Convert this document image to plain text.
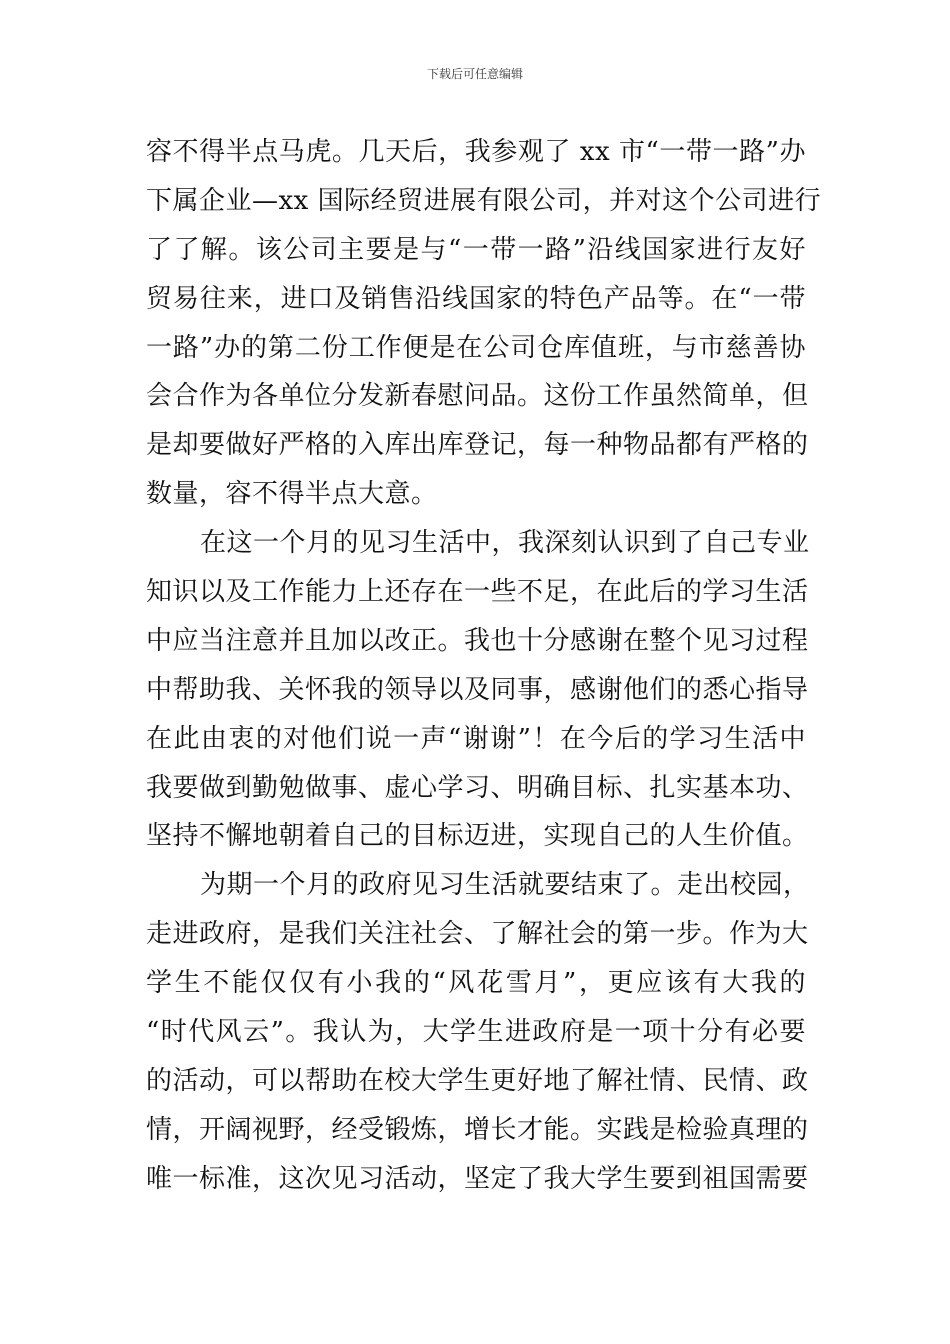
下载后可任意编辑
容不得半点马虎。几天后，我参观了 xx 市“一带一路”办
下属企业—xx 国际经贸进展有限公司，并对这个公司进行
了了解。该公司主要是与“一带一路”沿线国家进行友好
贸易往来，进口及销售沿线国家的特色产品等。在“一带
一路”办的第二份工作便是在公司仓库值班，与市慈善协
会合作为各单位分发新春慰问品。这份工作虽然简单，但
是却要做好严格的入库出库登记，每一种物品都有严格的
数量，容不得半点大意。
在这一个月的见习生活中，我深刻认识到了自己专业
知识以及工作能力上还存在一些不足，在此后的学习生活
中应当注意并且加以改正。我也十分感谢在整个见习过程
中帮助我、关怀我的领导以及同事，感谢他们的悉心指导
在此由衷的对他们说一声“谢谢”！在今后的学习生活中
我要做到勤勉做事、虚心学习、明确目标、扎实基本功、
坚持不懈地朝着自己的目标迈进，实现自己的人生价值。
为期一个月的政府见习生活就要结束了。走出校园，
走进政府，是我们关注社会、了解社会的第一步。作为大
学生不能仅仅有小我的“风花雪月”，更应该有大我的
“时代风云”。我认为，大学生进政府是一项十分有必要
的活动，可以帮助在校大学生更好地了解社情、民情、政
情，开阔视野，经受锻炼，增长才能。实践是检验真理的
唯一标准，这次见习活动，坚定了我大学生要到祖国需要
